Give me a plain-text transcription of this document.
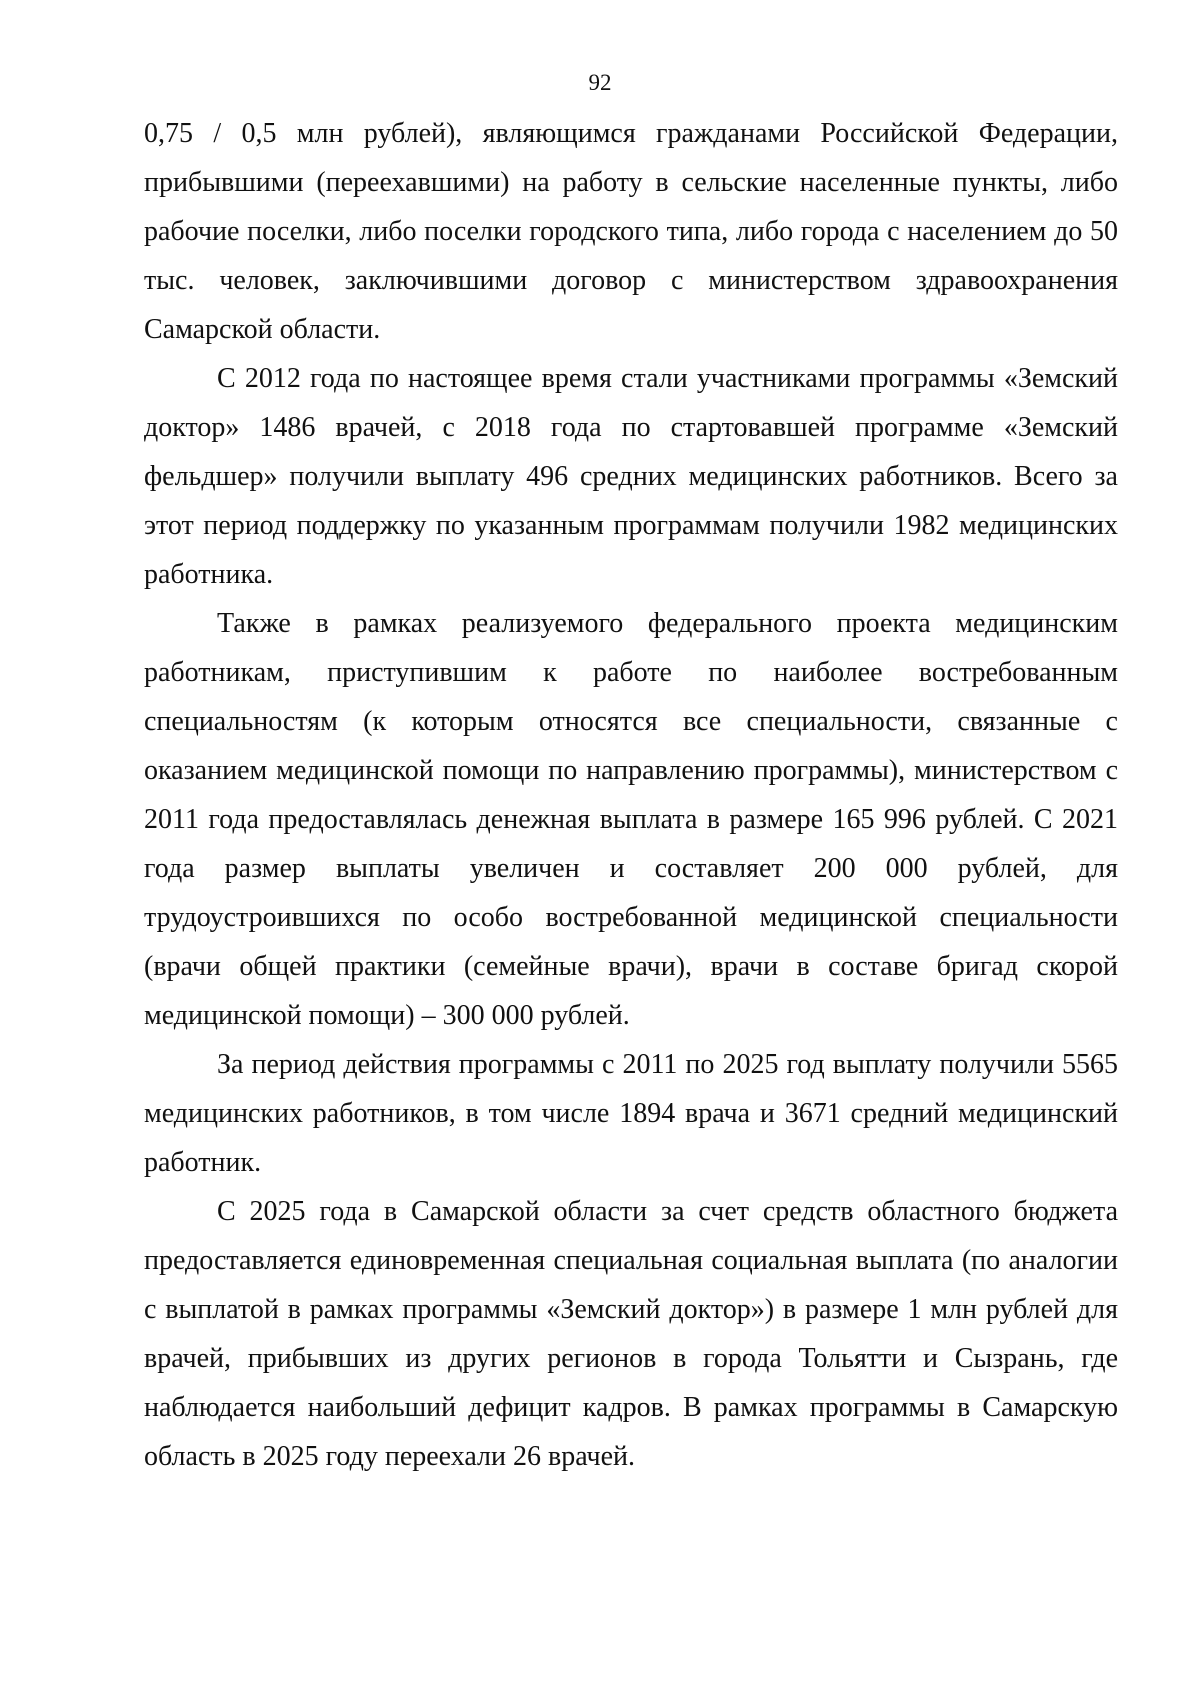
92

0,75 / 0,5 млн рублей), являющимся гражданами Российской Федерации, прибывшими (переехавшими) на работу в сельские населенные пункты, либо рабочие поселки, либо поселки городского типа, либо города с населением до 50 тыс. человек, заключившими договор с министерством здравоохранения Самарской области.

С 2012 года по настоящее время стали участниками программы «Земский доктор» 1486 врачей, с 2018 года по стартовавшей программе «Земский фельдшер» получили выплату 496 средних медицинских работников. Всего за этот период поддержку по указанным программам получили 1982 медицинских работника.

Также в рамках реализуемого федерального проекта медицинским работникам, приступившим к работе по наиболее востребованным специальностям (к которым относятся все специальности, связанные с оказанием медицинской помощи по направлению программы), министерством с 2011 года предоставлялась денежная выплата в размере 165 996 рублей. С 2021 года размер выплаты увеличен и составляет 200 000 рублей, для трудоустроившихся по особо востребованной медицинской специальности (врачи общей практики (семейные врачи), врачи в составе бригад скорой медицинской помощи) – 300 000 рублей.

За период действия программы с 2011 по 2025 год выплату получили 5565 медицинских работников, в том числе 1894 врача и 3671 средний медицинский работник.

С 2025 года в Самарской области за счет средств областного бюджета предоставляется единовременная специальная социальная выплата (по аналогии с выплатой в рамках программы «Земский доктор») в размере 1 млн рублей для врачей, прибывших из других регионов в города Тольятти и Сызрань, где наблюдается наибольший дефицит кадров. В рамках программы в Самарскую область в 2025 году переехали 26 врачей.
